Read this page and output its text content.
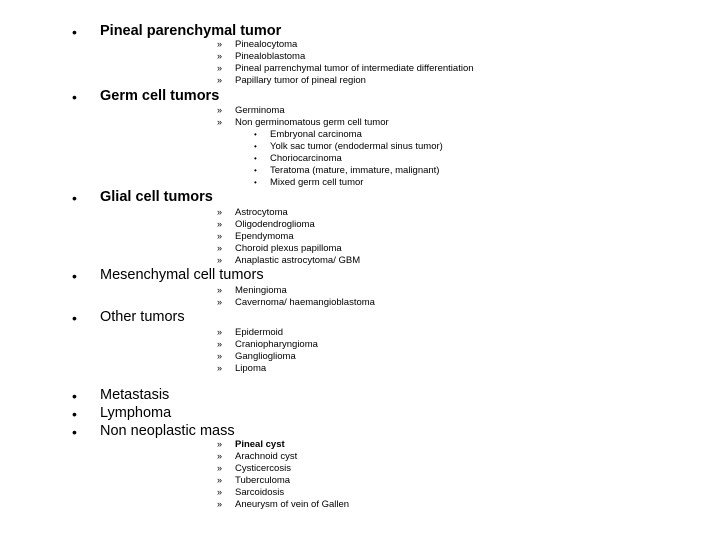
• Pineal parenchymal tumor
» Pinealocytoma
» Pinealoblastoma
» Pineal parrenchymal tumor of intermediate differentiation
» Papillary tumor of pineal region
• Germ cell tumors
» Germinoma
» Non germinomatous germ cell tumor
• Embryonal carcinoma
• Yolk sac tumor (endodermal sinus tumor)
• Choriocarcinoma
• Teratoma (mature, immature, malignant)
• Mixed germ cell tumor
• Glial cell tumors
» Astrocytoma
» Oligodendroglioma
» Ependymoma
» Choroid plexus papilloma
» Anaplastic astrocytoma/ GBM
• Mesenchymal cell tumors
» Meningioma
» Cavernoma/ haemangioblastoma
• Other tumors
» Epidermoid
» Craniopharyngioma
» Ganglioglioma
» Lipoma
• Metastasis
• Lymphoma
• Non neoplastic mass
» Pineal cyst
» Arachnoid cyst
» Cysticercosis
» Tuberculoma
» Sarcoidosis
» Aneurysm of vein of Gallen
